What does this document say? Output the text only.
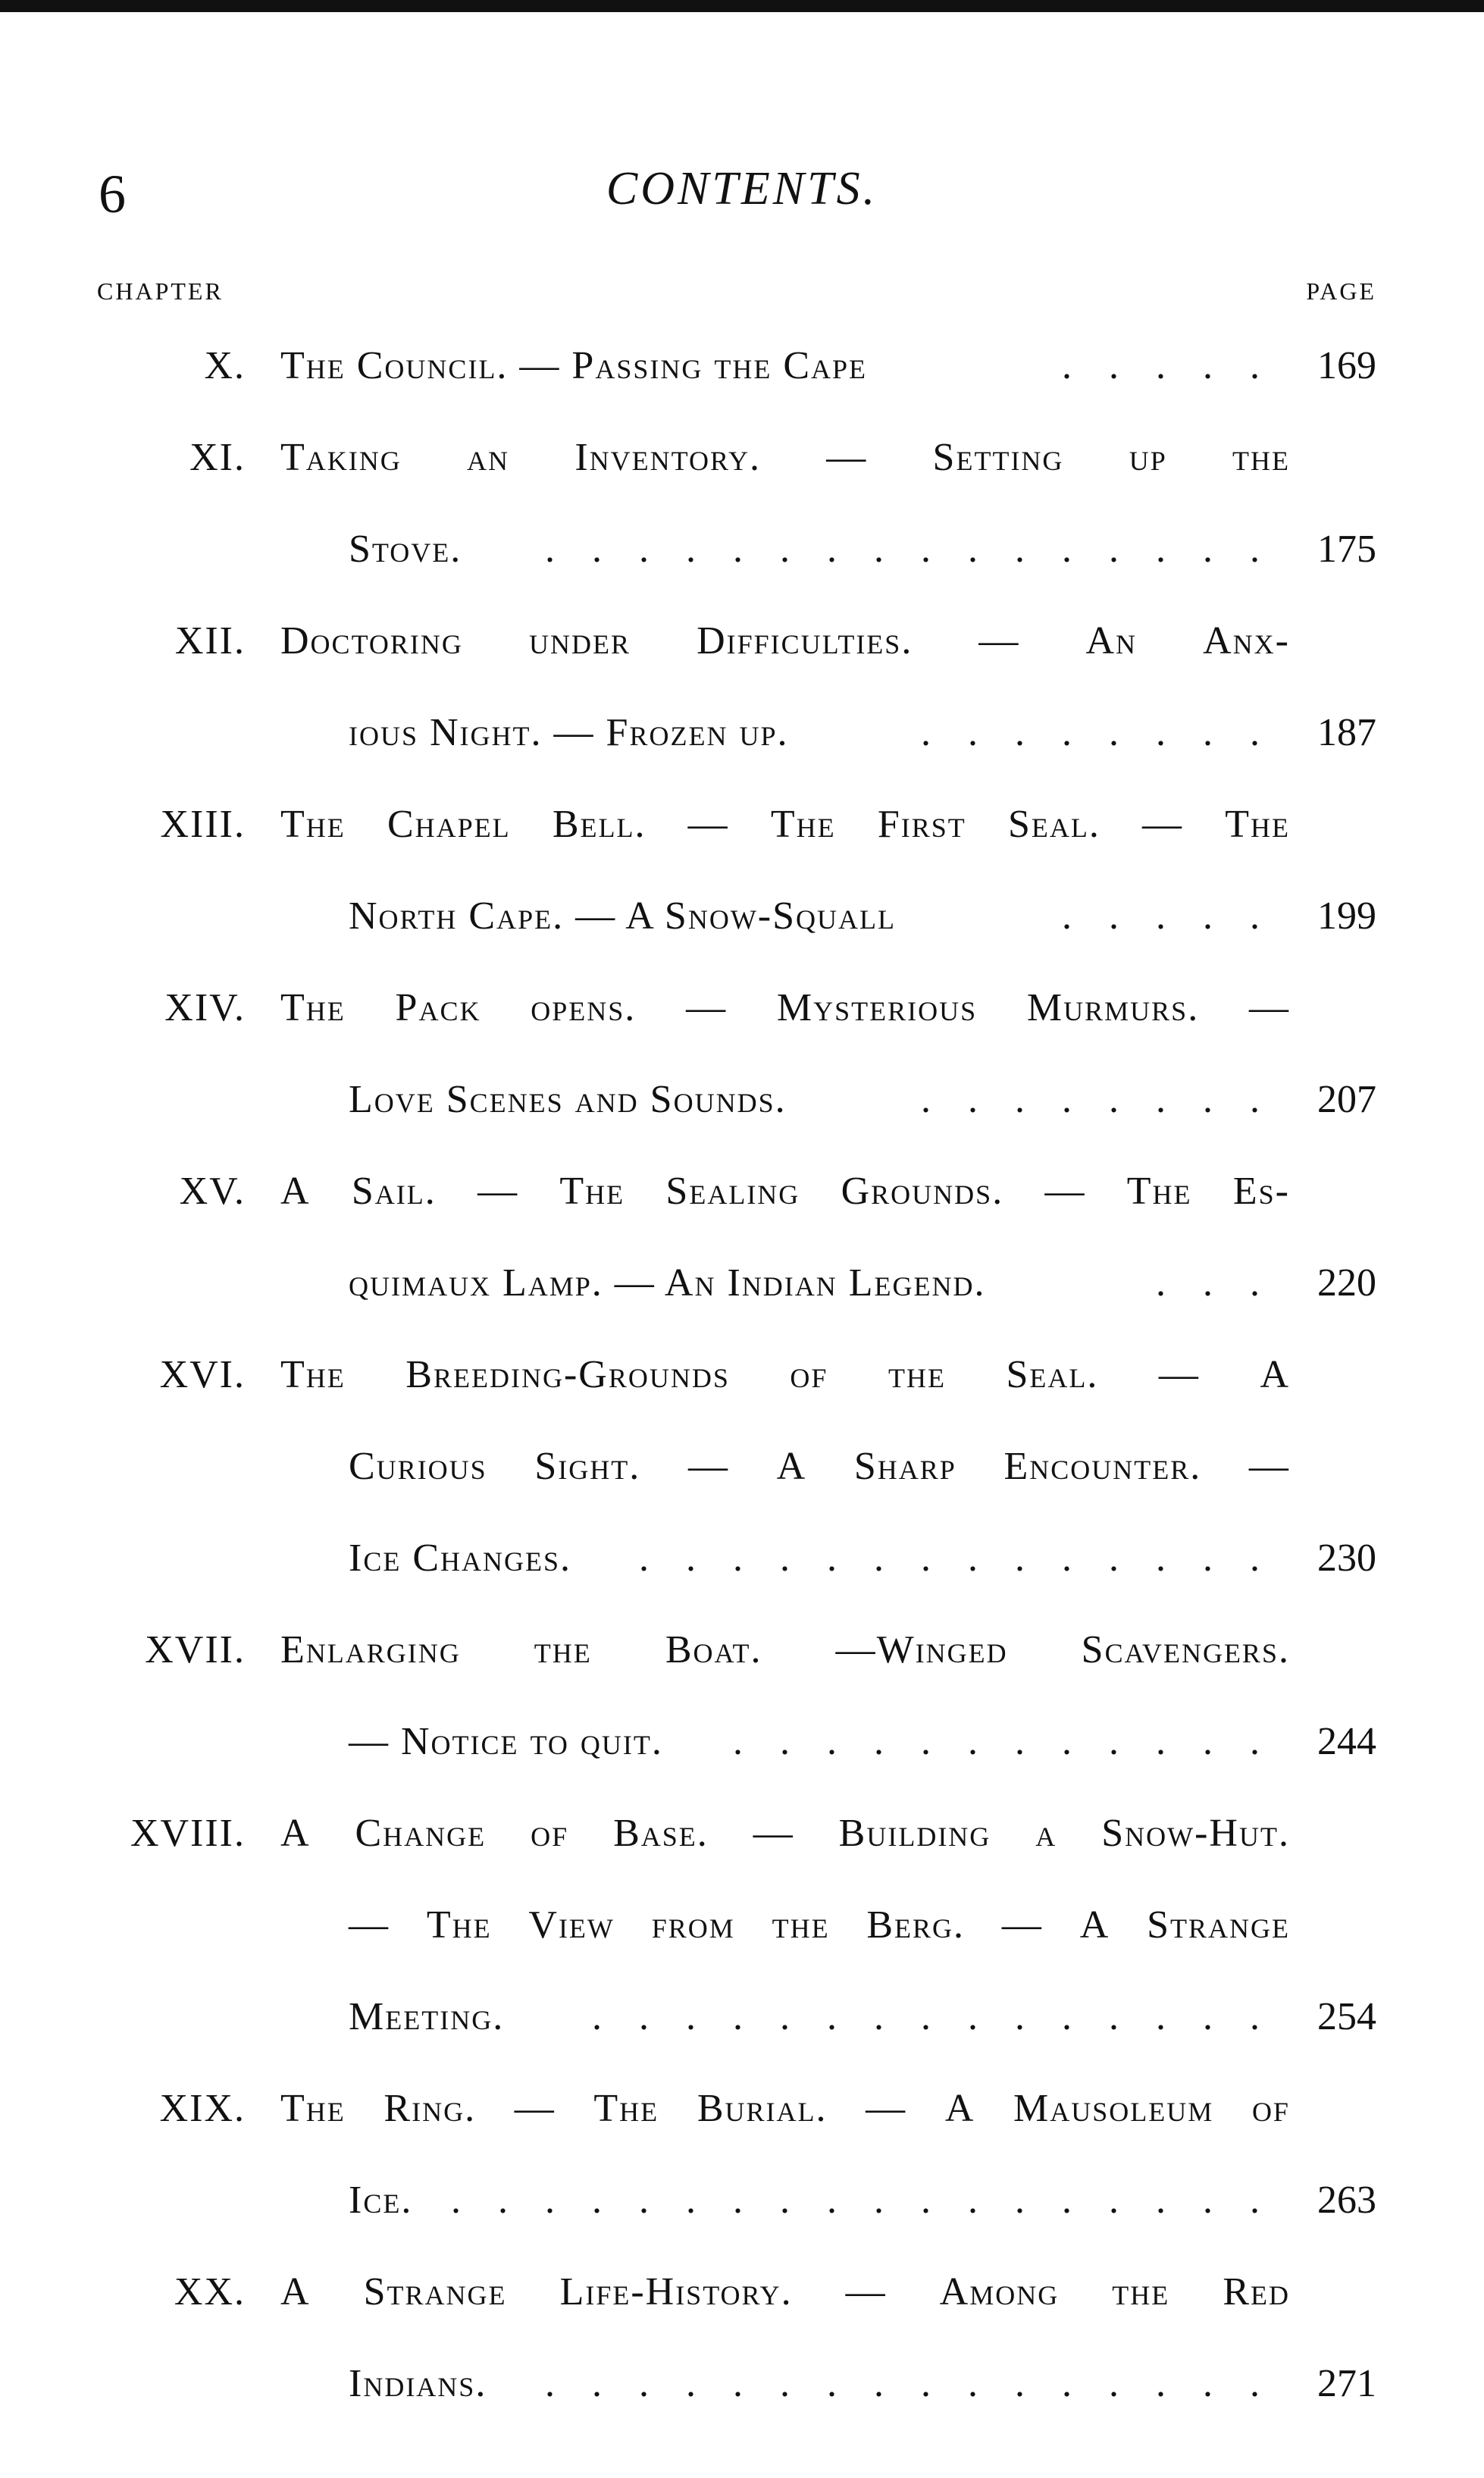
6	CONTENTS.
CHAPTER	PAGE
X. The Council. — Passing the Cape	. . . . . 169
XI. Taking an Inventory. — Setting up the
Stove.	. . . . . . . . . . . . . . . . 175
XII. Doctoring under Difficulties. — An Anx-
ious Night. — Frozen up.	. . . . . . . . 187
XIII. The Chapel Bell. — The First Seal. — The
North Cape. — A Snow-Squall	. . . . . 199
XIV. The Pack opens. — Mysterious Murmurs. —
Love Scenes and Sounds.	. . . . . . . . 207
XV. A Sail. — The Sealing Grounds. — The Es-
quimaux Lamp. — An Indian Legend.	. . . 220
XVI. The Breeding-Grounds of the Seal. — A
Curious Sight. — A Sharp Encounter. —
Ice Changes.	. . . . . . . . . . . . . . 230
XVII. Enlarging the Boat. —Winged Scavengers.
— Notice to quit.	. . . . . . . . . . . . 244
XVIII. A Change of Base. — Building a Snow-Hut.
— The View from the Berg. — A Strange
Meeting.	. . . . . . . . . . . . . . . 254
XIX. The Ring. — The Burial. — A Mausoleum of
Ice. . . . . . . . . . . . . . . . . . . 263
XX. A Strange Life-History. — Among the Red
Indians.	. . . . . . . . . . . . . . . . 271
